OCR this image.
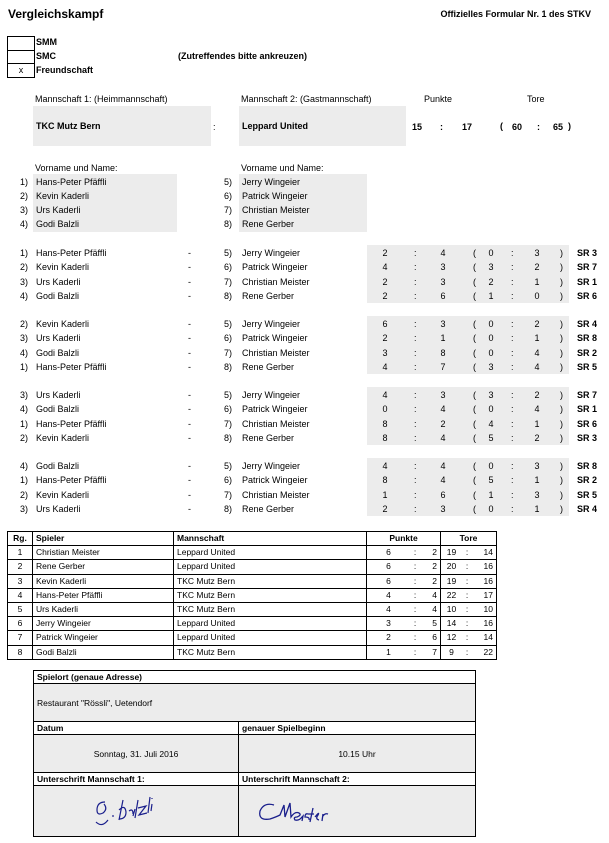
Vergleichskampf	Offizielles Formular Nr. 1 des STKV
SMM
SMC
x	Freundschaft
(Zutreffendes bitte ankreuzen)
Mannschaft 1: (Heimmannschaft)	Mannschaft 2: (Gastmannschaft)	Punkte	Tore
TKC Mutz Bern	:	Leppard United	15 : 17	( 60 : 65 )
Vorname und Name:	Vorname und Name:
1) Hans-Peter Pfäffli	5) Jerry Wingeier
2) Kevin Kaderli	6) Patrick Wingeier
3) Urs Kaderli	7) Christian Meister
4) Godi Balzli	8) Rene Gerber
1) Hans-Peter Pfäffli	-	5) Jerry Wingeier	2	:	4	(	0	:	3	) SR 3
2) Kevin Kaderli	-	6) Patrick Wingeier	4	:	3	(	3	:	2	) SR 7
3) Urs Kaderli	-	7) Christian Meister	2	:	3	(	2	:	1	) SR 1
4) Godi Balzli	-	8) Rene Gerber	2	:	6	(	1	:	0	) SR 6
2) Kevin Kaderli	-	5) Jerry Wingeier	6	:	3	(	0	:	2	) SR 4
3) Urs Kaderli	-	6) Patrick Wingeier	2	:	1	(	0	:	1	) SR 8
4) Godi Balzli	-	7) Christian Meister	3	:	8	(	0	:	4	) SR 2
1) Hans-Peter Pfäffli	-	8) Rene Gerber	4	:	7	(	3	:	4	) SR 5
3) Urs Kaderli	-	5) Jerry Wingeier	4	:	3	(	3	:	2	) SR 7
4) Godi Balzli	-	6) Patrick Wingeier	0	:	4	(	0	:	4	) SR 1
1) Hans-Peter Pfäffli	-	7) Christian Meister	8	:	2	(	4	:	1	) SR 6
2) Kevin Kaderli	-	8) Rene Gerber	8	:	4	(	5	:	2	) SR 3
4) Godi Balzli	-	5) Jerry Wingeier	4	:	4	(	0	:	3	) SR 8
1) Hans-Peter Pfäffli	-	6) Patrick Wingeier	8	:	4	(	5	:	1	) SR 2
2) Kevin Kaderli	-	7) Christian Meister	1	:	6	(	1	:	3	) SR 5
3) Urs Kaderli	-	8) Rene Gerber	2	:	3	(	0	:	1	) SR 4
Rg.	Spieler	Mannschaft	Punkte			Tore		
1	Christian Meister	Leppard United	6	:	2	19	:	14
2	Rene Gerber	Leppard United	6	:	2	20	:	16
3	Kevin Kaderli	TKC Mutz Bern	6	:	2	19	:	16
4	Hans-Peter Pfäffli	TKC Mutz Bern	4	:	4	22	:	17
5	Urs Kaderli	TKC Mutz Bern	4	:	4	10	:	10
6	Jerry Wingeier	Leppard United	3	:	5	14	:	16
7	Patrick Wingeier	Leppard United	2	:	6	12	:	14
8	Godi Balzli	TKC Mutz Bern	1	:	7	9	:	22
Spielort (genaue Adresse)	
Restaurant "Rössli", Uetendorf	
Datum	genauer Spielbeginn
Sonntag, 31. Juli 2016	10.15 Uhr
Unterschrift Mannschaft 1:	Unterschrift Mannschaft 2:
